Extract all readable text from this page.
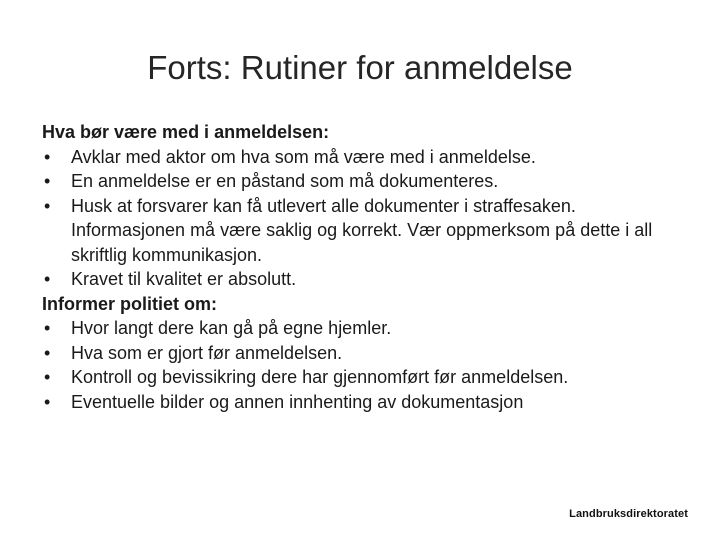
Forts: Rutiner for anmeldelse

Hva bør være med i anmeldelsen:

• Avklar med aktor om hva som må være med i anmeldelse.
• En anmeldelse er en påstand som må dokumenteres.
• Husk at forsvarer kan få utlevert alle dokumenter i straffesaken. Informasjonen må være saklig og korrekt. Vær oppmerksom på dette i all skriftlig kommunikasjon.
• Kravet til kvalitet er absolutt.

Informer politiet om:

• Hvor langt dere kan gå på egne hjemler.
• Hva som er gjort før anmeldelsen.
• Kontroll og bevissikring dere har gjennomført før anmeldelsen.
• Eventuelle bilder og annen innhenting av dokumentasjon
Landbruksdirektoratet
